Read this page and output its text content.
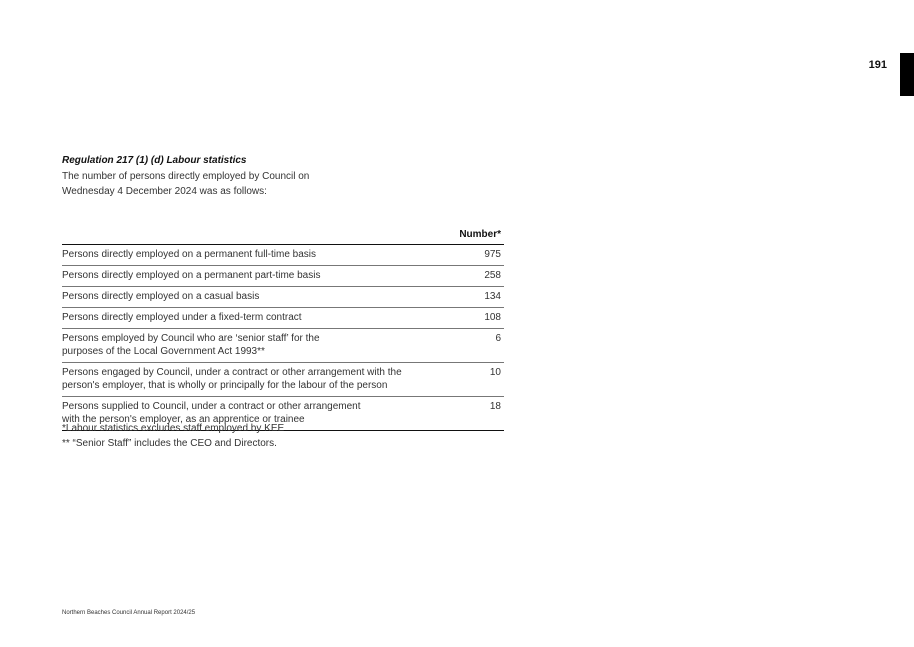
191

Regulation 217 (1) (d) Labour statistics

The number of persons directly employed by Council on
Wednesday 4 December 2024 was as follows:

	Number*

Persons directly employed on a permanent full-time basis	975

Persons directly employed on a permanent part-time basis	258

Persons directly employed on a casual basis	134

Persons directly employed under a fixed-term contract	108

Persons employed by Council who are ‘senior staff’ for the
purposes of the Local Government Act 1993**	6

Persons engaged by Council, under a contract or other arrangement with the
person's employer, that is wholly or principally for the labour of the person	10

Persons supplied to Council, under a contract or other arrangement
with the person's employer, as an apprentice or trainee	18

*Labour statistics excludes staff employed by KEE

** “Senior Staff” includes the CEO and Directors.

Northern Beaches Council Annual Report 2024/25
